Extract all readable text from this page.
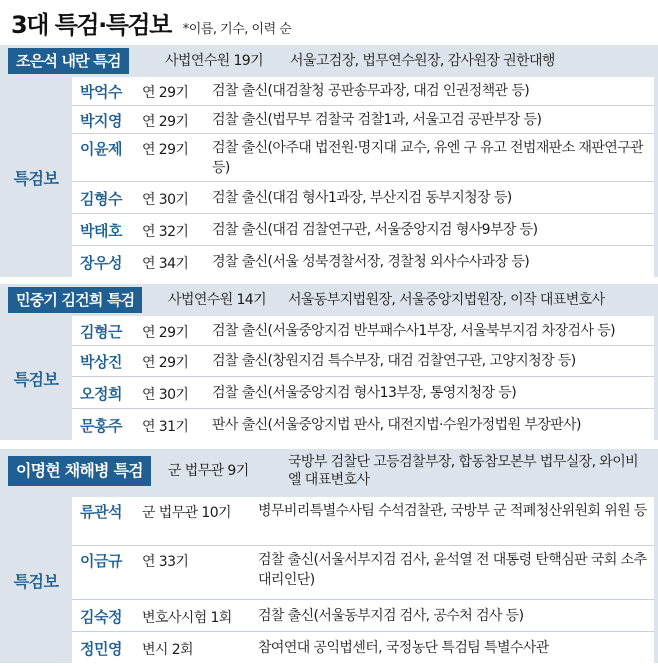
3대 특검·특검보 *이름, 기수, 이력 순
조은석 내란 특검	사법연수원 19기 서울고검장, 법무연수원장, 감사원장 권한대행
특검보
박억수 연 29기 검찰 출신(대검찰청 공판송무과장, 대검 인권정책관 등)
박지영 연 29기 검찰 출신(법무부 검찰국 검찰1과, 서울고검 공판부장 등)
이윤제 연 29기 검찰 출신(아주대 법전원·명지대 교수, 유엔 구 유고 전범재판소 재판연구관 등)
김형수 연 30기 검찰 출신(대검 형사1과장, 부산지검 동부지청장 등)
박태호 연 32기 검찰 출신(대검 검찰연구관, 서울중앙지검 형사9부장 등)
장우성 연 34기 경찰 출신(서울 성북경찰서장, 경찰청 외사수사과장 등)
민중기 김건희 특검	사법연수원 14기 서울동부지법원장, 서울중앙지법원장, 이작 대표변호사
특검보
김형근 연 29기 검찰 출신(서울중앙지검 반부패수사1부장, 서울북부지검 차장검사 등)
박상진 연 29기 검찰 출신(창원지검 특수부장, 대검 검찰연구관, 고양지청장 등)
오정희 연 30기 검찰 출신(서울중앙지검 형사13부장, 통영지청장 등)
문홍주 연 31기 판사 출신(서울중앙지법 판사, 대전지법·수원가정법원 부장판사)
이명현 채해병 특검	군 법무관 9기
국방부 검찰단 고등검찰부장, 합동참모본부 법무실장, 와이비엘 대표변호사
특검보
류관석 군 법무관 10기 병무비리특별수사팀 수석검찰관, 국방부 군 적폐청산위원회 위원 등
이금규 연 33기	검찰 출신(서울서부지검 검사, 윤석열 전 대통령 탄핵심판 국회 소추대리인단)
김숙정 변호사시험 1회 검찰 출신(서울동부지검 검사, 공수처 검사 등)
정민영 변시 2회	참여연대 공익법센터, 국정농단 특검팀 특별수사관
